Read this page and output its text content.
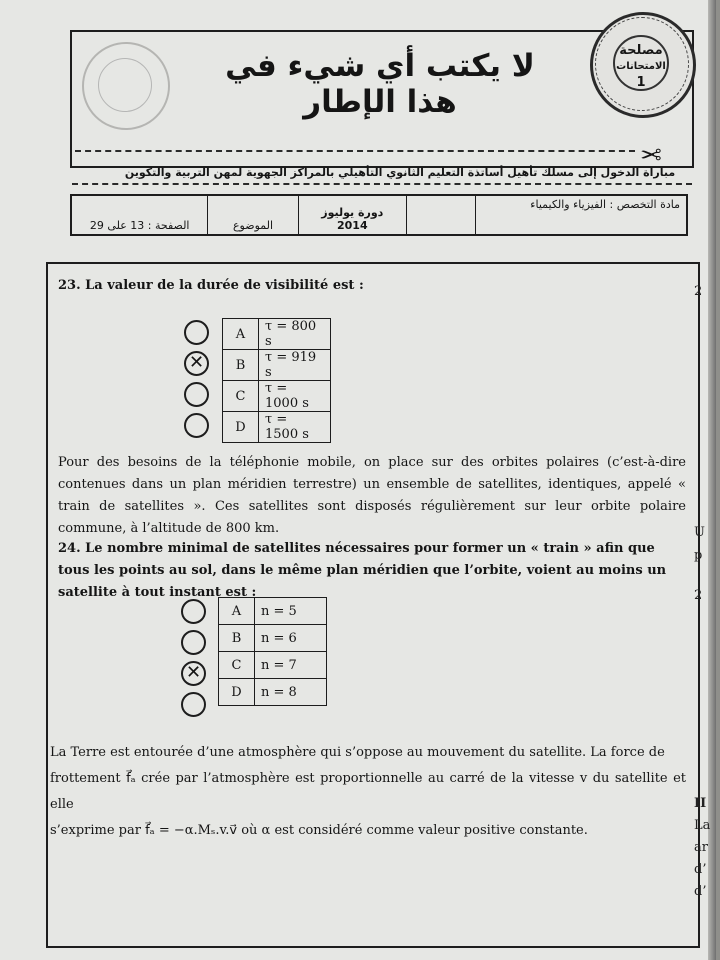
لا يكتب أي شيء في هذا الإطار
مصلحة
الامتحانات
1
✂
مباراة الدخول إلى مسلك تأهيل أساتذة التعليم الثانوي التأهيلي بالمراكز الجهوية لمهن التربية والتكوين
مادة التخصص : الفيزياء والكيمياء		دورة يوليوز 2014	الموضوع	الصفحة : 13 على 29
23. La valeur de la durée de visibilité est :
✕
A	τ = 800 s
B	τ = 919 s
C	τ = 1000 s
D	τ = 1500 s
Pour des besoins de la téléphonie mobile, on place sur des orbites polaires (c’est-à-dire contenues dans un plan méridien terrestre) un ensemble de satellites, identiques, appelé « train de satellites ». Ces satellites sont disposés régulièrement sur leur orbite polaire commune, à l’altitude de 800 km.
24. Le nombre minimal de satellites nécessaires pour former un « train » afin que tous les points au sol, dans le même plan méridien que l’orbite, voient au moins un satellite à tout instant est :
✕
A	n = 5
B	n = 6
C	n = 7
D	n = 8
La Terre est entourée d’une atmosphère qui s’oppose au mouvement du satellite. La force de
frottement f⃗ₐ crée par l’atmosphère est proportionnelle au carré de la vitesse v du satellite et elle
s’exprime par f⃗ₐ = −α.Mₛ.v.v⃗ où α est considéré comme valeur positive constante.
2
U
p
2
II
La
ar
d’
d’
